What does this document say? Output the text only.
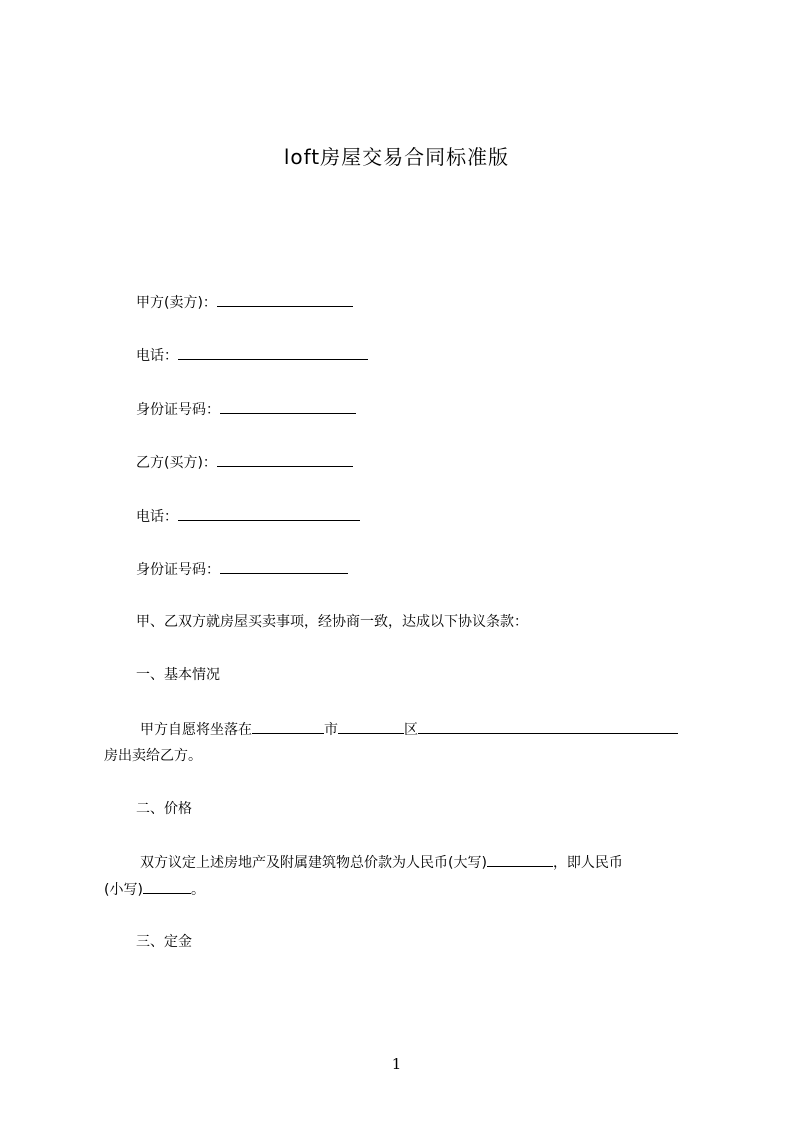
loft房屋交易合同标准版
甲方(卖方)：
电话：
身份证号码：
乙方(买方)：
电话：
身份证号码：
甲、乙双方就房屋买卖事项，经协商一致，达成以下协议条款：
一、基本情况
甲方自愿将坐落在	市	区
房出卖给乙方。
二、价格
双方议定上述房地产及附属建筑物总价款为人民币(大写)	，即人民币
(小写)	。
三、定金
1
